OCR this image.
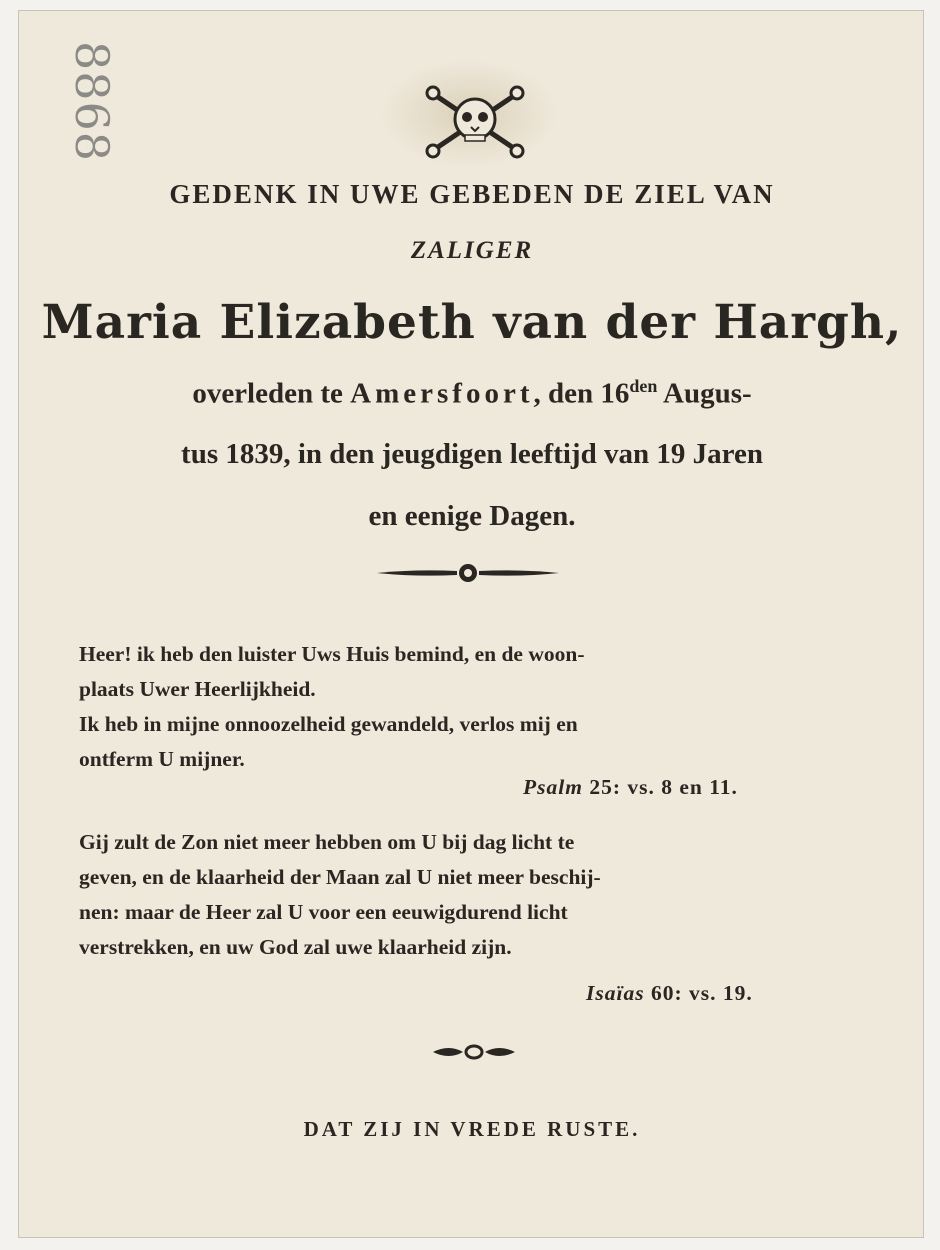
8868
GEDENK IN UWE GEBEDEN DE ZIEL VAN
ZALIGER
Maria Elizabeth van der Hargh,
overleden te Amersfoort, den $16^{den}$ Augus-
tus 1839, in den jeugdigen leeftijd van 19 Jaren
en eenige Dagen.
Heer! ik heb den luister Uws Huis bemind, en de woon-
plaats Uwer Heerlijkheid.
Ik heb in mijne onnoozelheid gewandeld, verlos mij en
ontferm U mijner.
Psalm 25: vs. 8 en 11.
Gij zult de Zon niet meer hebben om U bij dag licht te
geven, en de klaarheid der Maan zal U niet meer beschij-
nen: maar de Heer zal U voor een eeuwigdurend licht
verstrekken, en uw God zal uwe klaarheid zijn.
Isaïas 60: vs. 19.
DAT ZIJ IN VREDE RUSTE.
